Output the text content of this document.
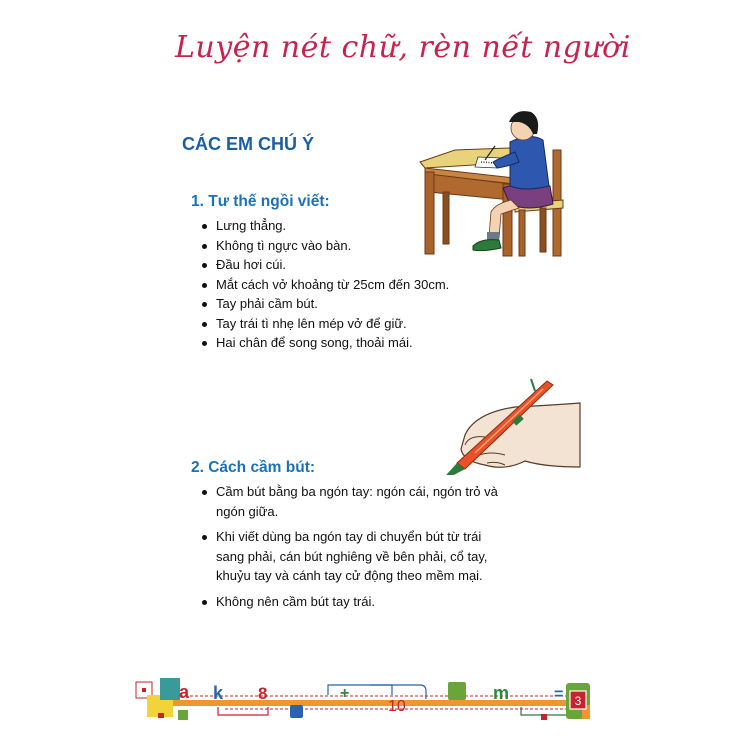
Luyện nét chữ, rèn nết người
CÁC EM CHÚ Ý
1. Tư thế ngồi viết:
Lưng thẳng.
Không tì ngực vào bàn.
Đầu hơi cúi.
Mắt cách vở khoảng từ 25cm đến 30cm.
Tay phải cầm bút.
Tay trái tì nhẹ lên mép vở để giữ.
Hai chân để song song, thoải mái.
2. Cách cầm bút:
Cầm bút bằng ba ngón tay: ngón cái, ngón trỏ và ngón giữa.
Khi viết dùng ba ngón tay di chuyển bút từ trái sang phải, cán bút nghiêng về bên phải, cổ tay, khuỷu tay và cánh tay cử động theo mềm mại.
Không nên cầm bút tay trái.
a k 8	+
10
m	= 3
